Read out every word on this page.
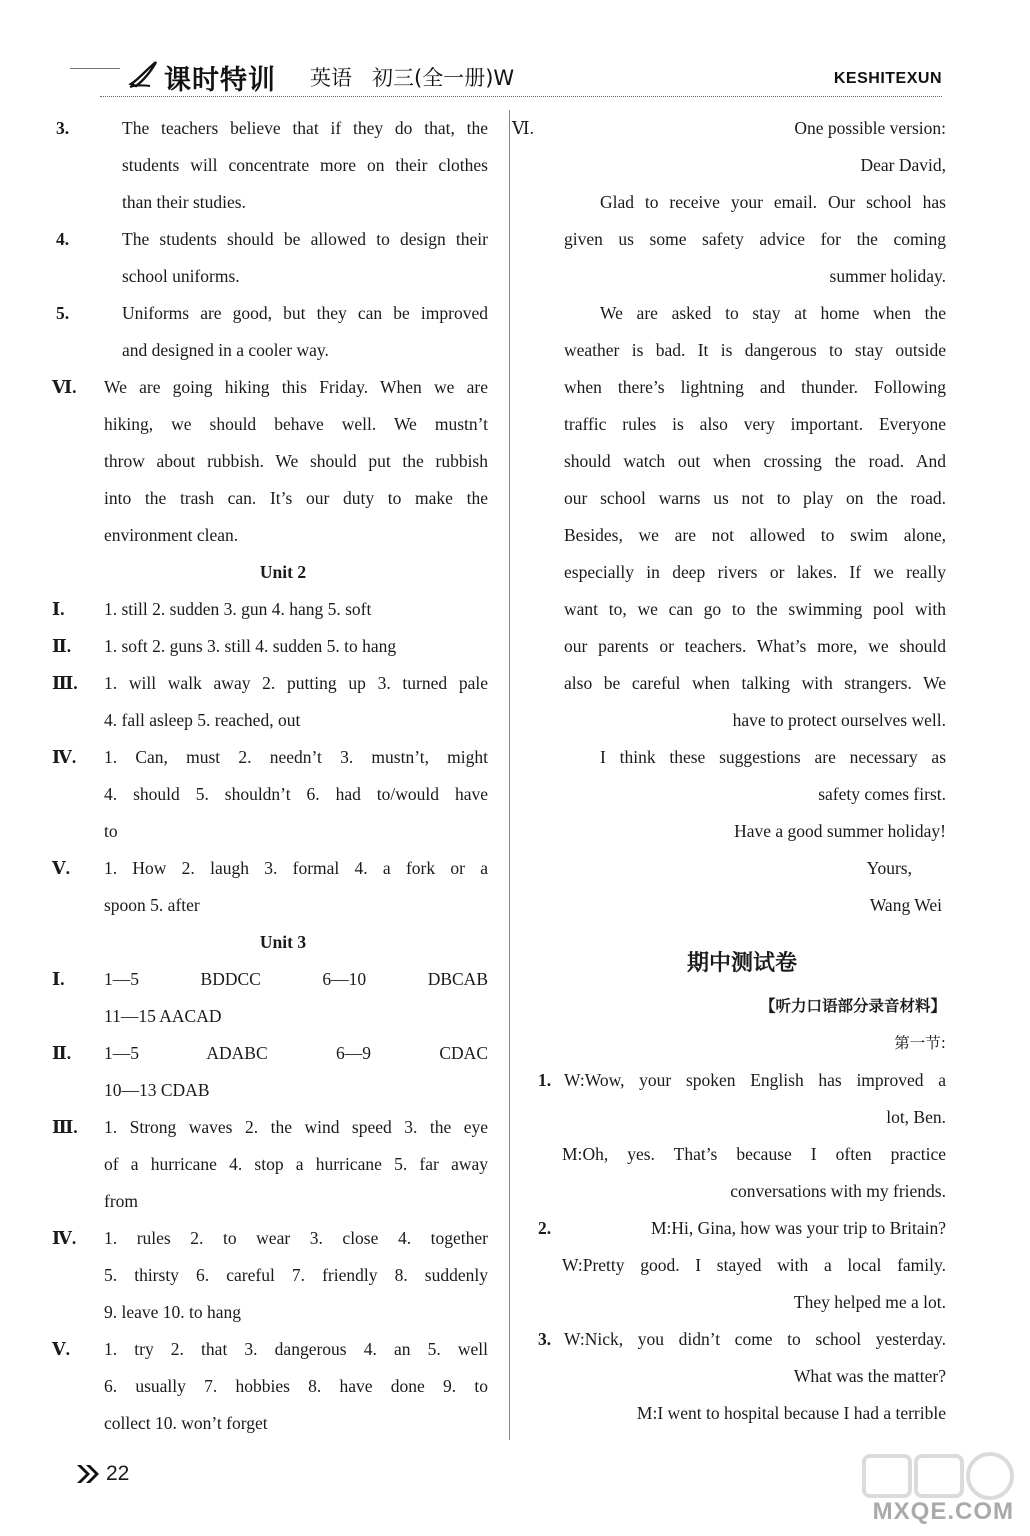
课时特训 英语 初三(全一册)W	KESHITEXUN
The teachers believe that if they do that, the
3.
students will concentrate more on their clothes
than their studies.
The students should be allowed to design their
4.
school uniforms.
Uniforms are good, but they can be improved
5.
and designed in a cooler way.
We are going hiking this Friday. When we are
Ⅵ.
hiking, we should behave well. We mustn’t
throw about rubbish. We should put the rubbish
into the trash can. It’s our duty to make the
environment clean.
Unit 2
1. still 2. sudden 3. gun 4. hang 5. soft
Ⅰ.
1. soft 2. guns 3. still 4. sudden 5. to hang
Ⅱ.
1. will walk away 2. putting up 3. turned pale
Ⅲ.
4. fall asleep 5. reached, out
1. Can, must 2. needn’t 3. mustn’t, might
Ⅳ.
4. should 5. shouldn’t 6. had to/would have
to
1. How 2. laugh 3. formal 4. a fork or a
Ⅴ.
spoon 5. after
Unit 3
1—5 BDDCC 6—10 DBCAB
Ⅰ.
11—15 AACAD
1—5 ADABC 6—9 CDAC
Ⅱ.
10—13 CDAB
1. Strong waves 2. the wind speed 3. the eye
Ⅲ.
of a hurricane 4. stop a hurricane 5. far away
from
1. rules 2. to wear 3. close 4. together
Ⅳ.
5. thirsty 6. careful 7. friendly 8. suddenly
9. leave 10. to hang
1. try 2. that 3. dangerous 4. an 5. well
Ⅴ.
6. usually 7. hobbies 8. have done 9. to
collect 10. won’t forget
One possible version:
Ⅵ.
Dear David,
Glad to receive your email. Our school has
given us some safety advice for the coming
summer holiday.
We are asked to stay at home when the
weather is bad. It is dangerous to stay outside
when there’s lightning and thunder. Following
traffic rules is also very important. Everyone
should watch out when crossing the road. And
our school warns us not to play on the road.
Besides, we are not allowed to swim alone,
especially in deep rivers or lakes. If we really
want to, we can go to the swimming pool with
our parents or teachers. What’s more, we should
also be careful when talking with strangers. We
have to protect ourselves well.
I think these suggestions are necessary as
safety comes first.
Have a good summer holiday!
Yours,
Wang Wei
期中测试卷
【听力口语部分录音材料】
第一节:
1. W:Wow, your spoken English has improved a
lot, Ben.
M:Oh, yes. That’s because I often practice
conversations with my friends.
2.	M:Hi, Gina, how was your trip to Britain?
W:Pretty good. I stayed with a local family.
They helped me a lot.
3. W:Nick, you didn’t come to school yesterday.
What was the matter?
M:I went to hospital because I had a terrible
22
MXQE.COM
